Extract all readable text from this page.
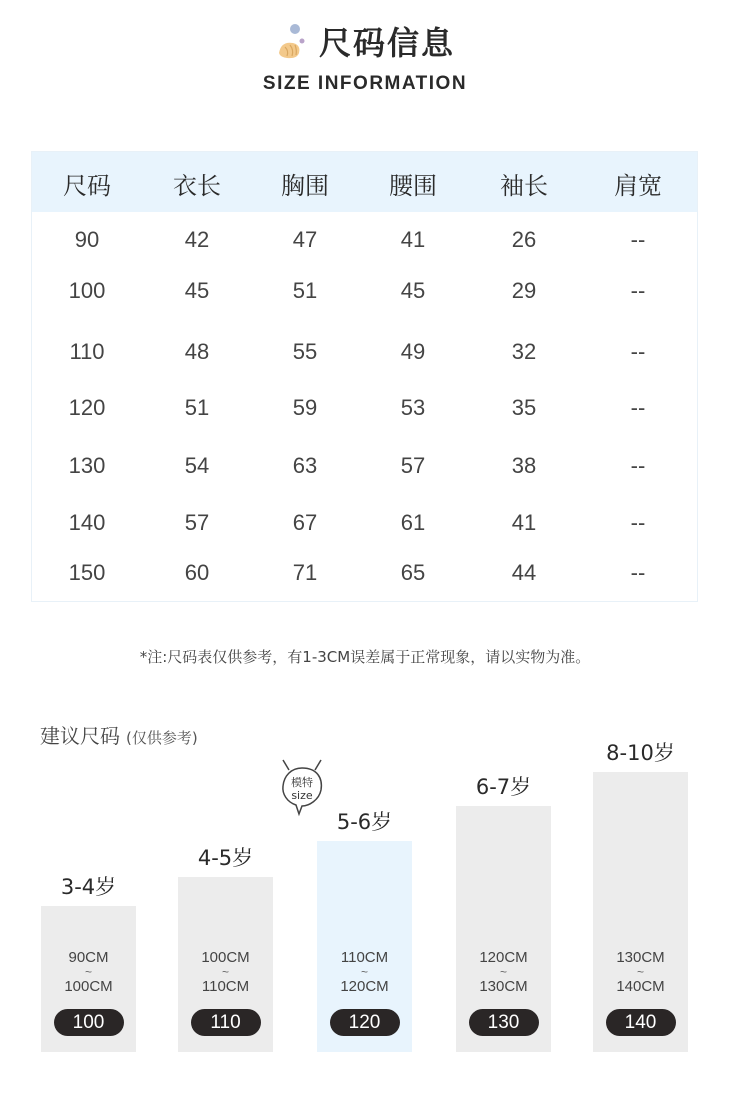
尺码信息
SIZE INFORMATION
尺码	衣长	胸围	腰围	袖长	肩宽
90	42	47	41	26	--
100	45	51	45	29	--
110	48	55	49	32	--
120	51	59	53	35	--
130	54	63	57	38	--
140	57	67	61	41	--
150	60	71	65	44	--
*注:尺码表仅供参考，有1-3CM误差属于正常现象，请以实物为准。
建议尺码 (仅供参考)
模特
size
3-4岁
90CM
~
100CM
100
4-5岁
100CM
~
110CM
110
5-6岁
110CM
~
120CM
120
6-7岁
120CM
~
130CM
130
8-10岁
130CM
~
140CM
140
